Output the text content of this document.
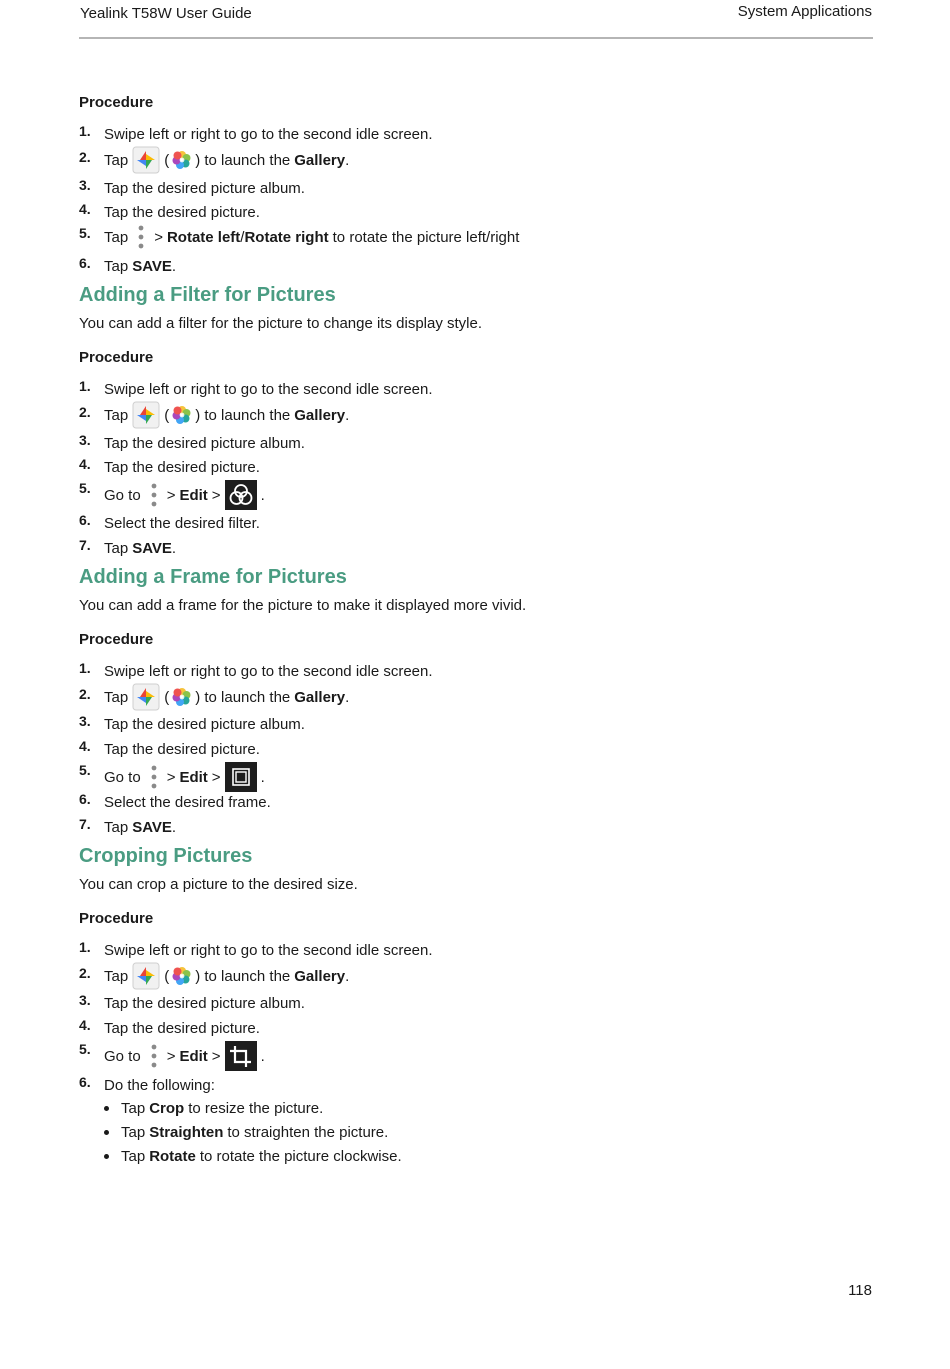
Yealink T58W User Guide	System Applications
Procedure
1. Swipe left or right to go to the second idle screen.
2. Tap ( ) to launch the Gallery .
3. Tap the desired picture album.
4. Tap the desired picture.
5. Tap > Rotate left / Rotate right to rotate the picture left/right
6. Tap SAVE .
Adding a Filter for Pictures
You can add a filter for the picture to change its display style.
Procedure
1. Swipe left or right to go to the second idle screen.
2. Tap ( ) to launch the Gallery .
3. Tap the desired picture album.
4. Tap the desired picture.
5. Go to > Edit >	.
6. Select the desired filter.
7. Tap SAVE .
Adding a Frame for Pictures
You can add a frame for the picture to make it displayed more vivid.
Procedure
1. Swipe left or right to go to the second idle screen.
2. Tap ( ) to launch the Gallery .
3. Tap the desired picture album.
4. Tap the desired picture.
5. Go to > Edit >	.
6. Select the desired frame.
7. Tap SAVE .
Cropping Pictures
You can crop a picture to the desired size.
Procedure
1. Swipe left or right to go to the second idle screen.
2. Tap ( ) to launch the Gallery .
3. Tap the desired picture album.
4. Tap the desired picture.
5. Go to > Edit >	.
6. Do the following:
Tap Crop to resize the picture.
Tap Straighten to straighten the picture.
Tap Rotate to rotate the picture clockwise.
118
